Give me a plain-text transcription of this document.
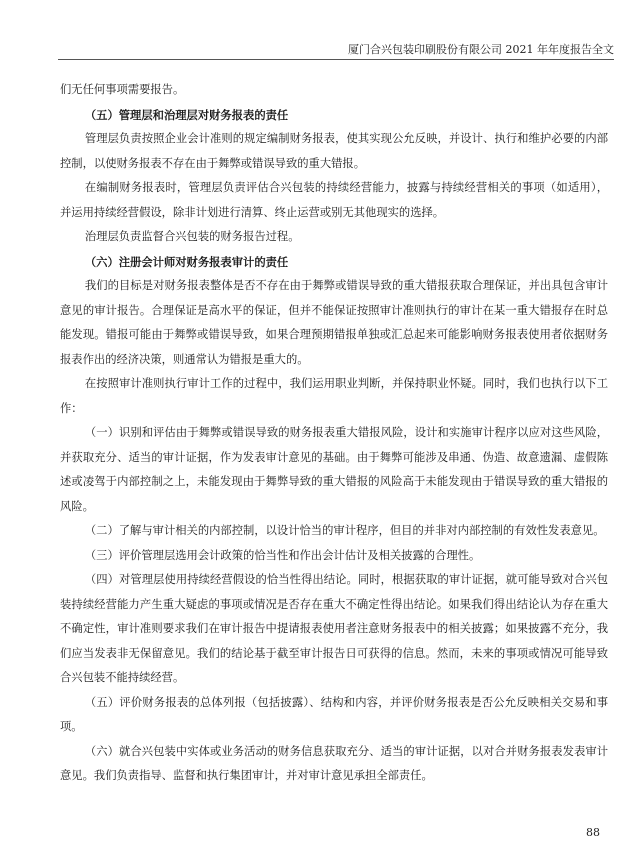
厦门合兴包装印刷股份有限公司 2021 年年度报告全文

们无任何事项需要报告。

（五）管理层和治理层对财务报表的责任

管理层负责按照企业会计准则的规定编制财务报表，使其实现公允反映，并设计、执行和维护必要的内部控制，以使财务报表不存在由于舞弊或错误导致的重大错报。

在编制财务报表时，管理层负责评估合兴包装的持续经营能力，披露与持续经营相关的事项（如适用），并运用持续经营假设，除非计划进行清算、终止运营或别无其他现实的选择。

治理层负责监督合兴包装的财务报告过程。

（六）注册会计师对财务报表审计的责任

我们的目标是对财务报表整体是否不存在由于舞弊或错误导致的重大错报获取合理保证，并出具包含审计意见的审计报告。合理保证是高水平的保证，但并不能保证按照审计准则执行的审计在某一重大错报存在时总能发现。错报可能由于舞弊或错误导致，如果合理预期错报单独或汇总起来可能影响财务报表使用者依据财务报表作出的经济决策，则通常认为错报是重大的。

在按照审计准则执行审计工作的过程中，我们运用职业判断，并保持职业怀疑。同时，我们也执行以下工作：

（一）识别和评估由于舞弊或错误导致的财务报表重大错报风险，设计和实施审计程序以应对这些风险，并获取充分、适当的审计证据，作为发表审计意见的基础。由于舞弊可能涉及串通、伪造、故意遗漏、虚假陈述或凌驾于内部控制之上，未能发现由于舞弊导致的重大错报的风险高于未能发现由于错误导致的重大错报的风险。

（二）了解与审计相关的内部控制，以设计恰当的审计程序，但目的并非对内部控制的有效性发表意见。

（三）评价管理层选用会计政策的恰当性和作出会计估计及相关披露的合理性。

（四）对管理层使用持续经营假设的恰当性得出结论。同时，根据获取的审计证据，就可能导致对合兴包装持续经营能力产生重大疑虑的事项或情况是否存在重大不确定性得出结论。如果我们得出结论认为存在重大不确定性，审计准则要求我们在审计报告中提请报表使用者注意财务报表中的相关披露；如果披露不充分，我们应当发表非无保留意见。我们的结论基于截至审计报告日可获得的信息。然而，未来的事项或情况可能导致合兴包装不能持续经营。

（五）评价财务报表的总体列报（包括披露）、结构和内容，并评价财务报表是否公允反映相关交易和事项。

（六）就合兴包装中实体或业务活动的财务信息获取充分、适当的审计证据，以对合并财务报表发表审计意见。我们负责指导、监督和执行集团审计，并对审计意见承担全部责任。

88
